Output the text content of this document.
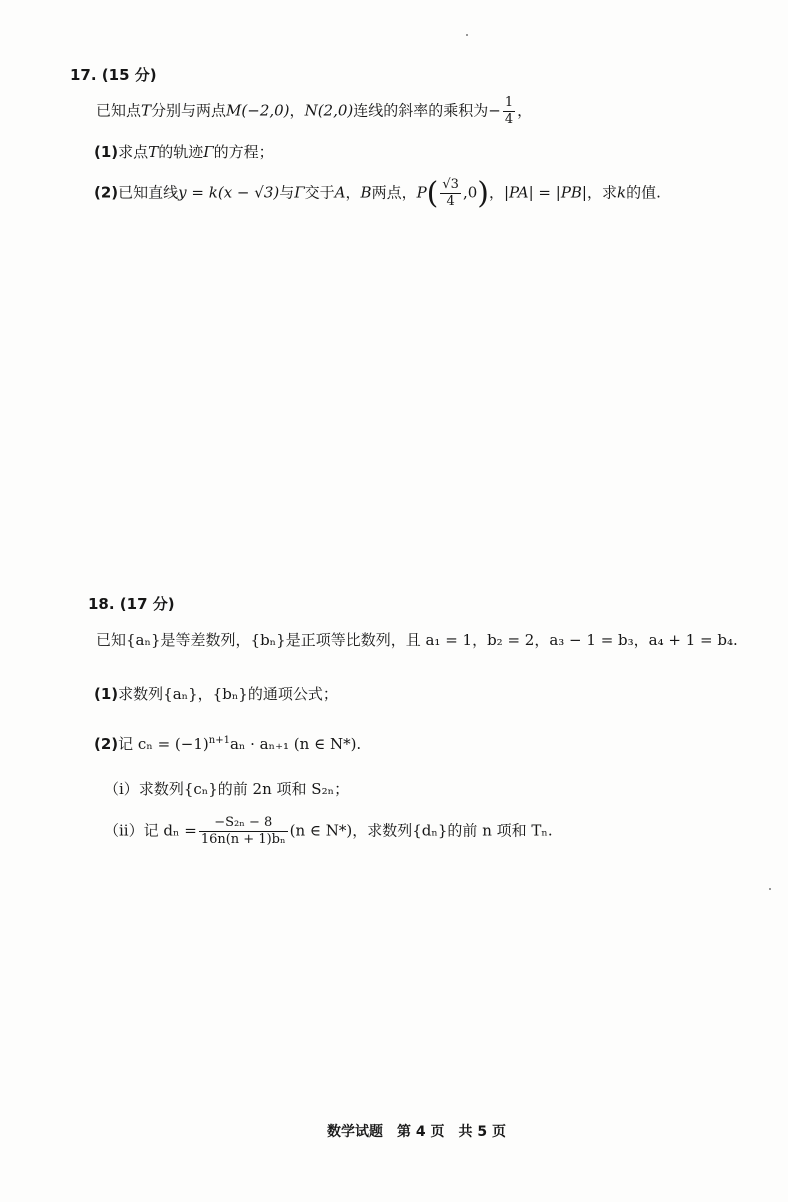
17. (15 分)
已知点T分别与两点M(−2,0)，N(2,0)连线的斜率的乘积为− $\frac{1}{4}$ ，
(1)求点T的轨迹Γ的方程；
(2)已知直线y = k(x − √3)与Γ交于A，B两点，$P( \frac{√3}{4} ,0)$，|PA| = |PB|，求k的值.
18. (17 分)
已知{aₙ}是等差数列，{bₙ}是正项等比数列，且 a₁ = 1，b₂ = 2，a₃ − 1 = b₃，a₄ + 1 = b₄.
(1)求数列{aₙ}，{bₙ}的通项公式；
(2)记 $c_n = (-1)^{n+1}a_n \cdot a_{n+1}$ (n ∈ N*).
（i）求数列{cₙ}的前 2n 项和 S₂ₙ；
（ii）记 $d_n = \frac{\text{−S₂ₙ − 8}}{\text{16n(n + 1)bₙ}} (n$ ∈ N*)，求数列{dₙ}的前 n 项和 Tₙ.
数学试题　第 4 页　共 5 页
